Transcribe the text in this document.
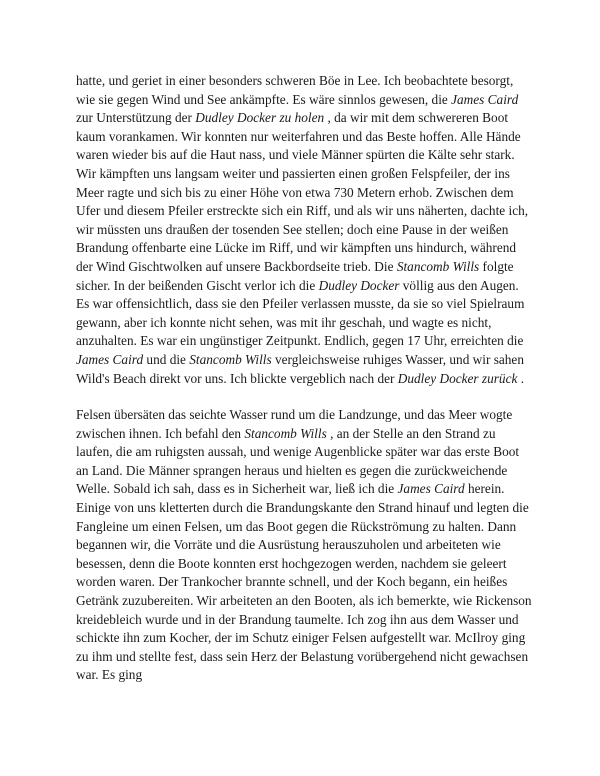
hatte, und geriet in einer besonders schweren Böe in Lee. Ich beobachtete besorgt, wie sie gegen Wind und See ankämpfte. Es wäre sinnlos gewesen, die James Caird zur Unterstützung der Dudley Docker zu holen , da wir mit dem schwereren Boot kaum vorankamen. Wir konnten nur weiterfahren und das Beste hoffen. Alle Hände waren wieder bis auf die Haut nass, und viele Männer spürten die Kälte sehr stark. Wir kämpften uns langsam weiter und passierten einen großen Felspfeiler, der ins Meer ragte und sich bis zu einer Höhe von etwa 730 Metern erhob. Zwischen dem Ufer und diesem Pfeiler erstreckte sich ein Riff, und als wir uns näherten, dachte ich, wir müssten uns draußen der tosenden See stellen; doch eine Pause in der weißen Brandung offenbarte eine Lücke im Riff, und wir kämpften uns hindurch, während der Wind Gischtwolken auf unsere Backbordseite trieb. Die Stancomb Wills folgte sicher. In der beißenden Gischt verlor ich die Dudley Docker völlig aus den Augen. Es war offensichtlich, dass sie den Pfeiler verlassen musste, da sie so viel Spielraum gewann, aber ich konnte nicht sehen, was mit ihr geschah, und wagte es nicht, anzuhalten. Es war ein ungünstiger Zeitpunkt. Endlich, gegen 17 Uhr, erreichten die James Caird und die Stancomb Wills vergleichsweise ruhiges Wasser, und wir sahen Wild's Beach direkt vor uns. Ich blickte vergeblich nach der Dudley Docker zurück .

Felsen übersäten das seichte Wasser rund um die Landzunge, und das Meer wogte zwischen ihnen. Ich befahl den Stancomb Wills , an der Stelle an den Strand zu laufen, die am ruhigsten aussah, und wenige Augenblicke später war das erste Boot an Land. Die Männer sprangen heraus und hielten es gegen die zurückweichende Welle. Sobald ich sah, dass es in Sicherheit war, ließ ich die James Caird herein. Einige von uns kletterten durch die Brandungskante den Strand hinauf und legten die Fangleine um einen Felsen, um das Boot gegen die Rückströmung zu halten. Dann begannen wir, die Vorräte und die Ausrüstung herauszuholen und arbeiteten wie besessen, denn die Boote konnten erst hochgezogen werden, nachdem sie geleert worden waren. Der Trankocher brannte schnell, und der Koch begann, ein heißes Getränk zuzubereiten. Wir arbeiteten an den Booten, als ich bemerkte, wie Rickenson kreidebleich wurde und in der Brandung taumelte. Ich zog ihn aus dem Wasser und schickte ihn zum Kocher, der im Schutz einiger Felsen aufgestellt war. McIlroy ging zu ihm und stellte fest, dass sein Herz der Belastung vorübergehend nicht gewachsen war. Es ging
